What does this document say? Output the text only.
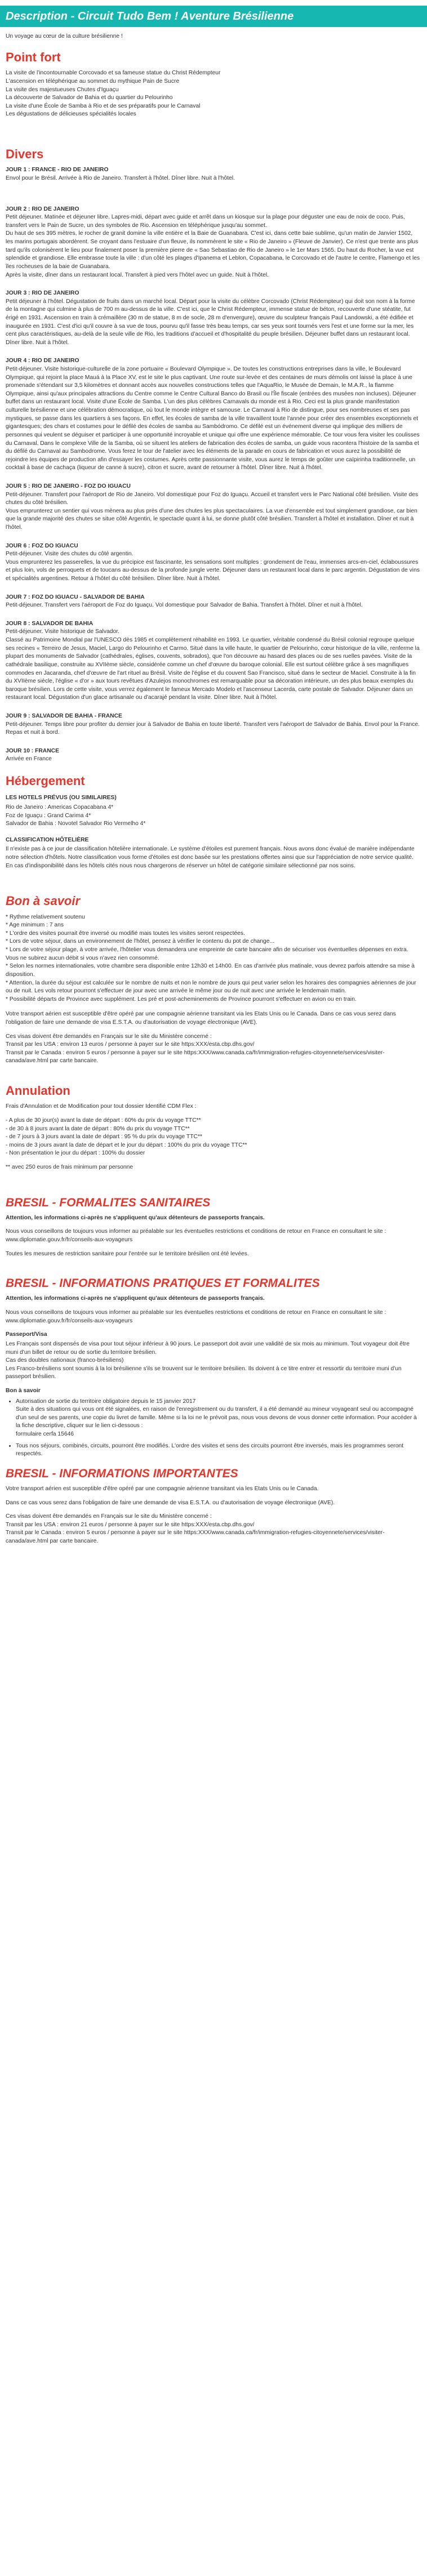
Description - Circuit Tudo Bem ! Aventure Brésilienne

Un voyage au cœur de la culture brésilienne !

Point fort
La visite de l'incontournable Corcovado et sa fameuse statue du Christ Rédempteur
L'ascension en téléphérique au sommet du mythique Pain de Sucre
La visite des majestueuses Chutes d'Iguaçu
La découverte de Salvador de Bahia et du quartier du Pelourinho
La visite d'une École de Samba à Rio et de ses préparatifs pour le Carnaval
Les dégustations de délicieuses spécialités locales
Divers
JOUR 1 : FRANCE - RIO DE JANEIRO
Envol pour le Brésil. Arrivée à Rio de Janeiro. Transfert à l'hôtel. Dîner libre. Nuit à l'hôtel.
JOUR 2 : RIO DE JANEIRO
Petit déjeuner. Matinée et déjeuner libre. Lapres-midi, départ avec guide et arrêt dans un kiosque sur la plage pour déguster une eau de noix de coco. Puis, transfert vers le Pain de Sucre, un des symboles de Rio. Ascension en téléphérique jusqu'au sommet.
Du haut de ses 395 mètres, le rocher de granit domine la ville entière et la Baie de Guanabara. C'est ici, dans cette baie sublime, qu'un matin de Janvier 1502, les marins portugais abordèrent. Se croyant dans l'estuaire d'un fleuve, ils nommèrent le site « Rio de Janeiro » (Fleuve de Janvier). Ce n'est que trente ans plus tard qu'ils colonisèrent le lieu pour finalement poser la première pierre de « Sao Sebastiao de Rio de Janeiro » le 1er Mars 1565. Du haut du Rocher, la vue est splendide et grandiose. Elle embrasse toute la ville : d'un côté les plages d'Ipanema et Leblon, Copacabana, le Corcovado et de l'autre le centre, Flamengo et les îles rocheuses de la baie de Guanabara.
Après la visite, dîner dans un restaurant local. Transfert à pied vers l'hôtel avec un guide. Nuit à l'hôtel.
JOUR 3 : RIO DE JANEIRO
Petit déjeuner à l'hôtel. Dégustation de fruits dans un marché local. Départ pour la visite du célèbre Corcovado (Christ Rédempteur) qui doit son nom à la forme de la montagne qui culmine à plus de 700 m au-dessus de la ville. C'est ici, que le Christ Rédempteur, immense statue de béton, recouverte d'une stéatite, fut érigé en 1931. Ascension en train à crémaillère (30 m de statue, 8 m de socle, 28 m d'envergure), œuvre du sculpteur français Paul Landowski, a été édifiée et inaugurée en 1931. C'est d'ici qu'il couvre à sa vue de tous, pourvu qu'il fasse très beau temps, car ses yeux sont tournés vers l'est et une forme sur la mer, les cent plus caractéristiques, au-delà de la seule ville de Rio, les traditions d'accueil et d'hospitalité du peuple brésilien. Déjeuner buffet dans un restaurant local. Dîner libre. Nuit à l'hôtel.
JOUR 4 : RIO DE JANEIRO
Petit-déjeuner. Visite historique-culturelle de la zone portuaire « Boulevard Olympique ». De toutes les constructions entreprises dans la ville, le Boulevard Olympique, qui rejoint la place Mauá à la Place XV, est le site le plus captivant. Une route sur-levée et des centaines de murs démolis ont laissé la place à une promenade s'étendant sur 3,5 kilomètres et donnant accès aux nouvelles constructions telles que l'AquaRio, le Musée de Demain, le M.A.R., la flamme Olympique, ainsi qu'aux principales attractions du Centre comme le Centre Cultural Banco do Brasil ou l'Île fiscale (entrées des musées non incluses). Déjeuner buffet dans un restaurant local. Visite d'une École de Samba. L'un des plus célèbres Carnavals du monde est à Rio. Ceci est la plus grande manifestation culturelle brésilienne et une célébration démocratique, où tout le monde intègre et samouse. Le Carnaval à Rio de distingue, pour ses nombreuses et ses pas mystiques, se passe dans les quartiers à ses façons. En effet, les écoles de samba de la ville travaillent toute l'année pour créer des ensembles exceptionnels et gigantesques; des chars et costumes pour le défilé des écoles de samba au Sambódromo. Ce défilé est un événement diverse qui implique des milliers de personnes qui veulent se déguiser et participer à une opportunité incroyable et unique qui offre une expérience mémorable. Ce tour vous fera visiter les coulisses du Carnaval. Dans le complexe Ville de la Samba, où se situent les ateliers de fabrication des écoles de samba, un guide vous racontera l'histoire de la samba et du défilé du Carnaval au Sambodrome. Vous ferez le tour de l'atelier avec les éléments de la parade en cours de fabrication et vous aurez la possibilité de rejoindre les équipes de production afin d'essayer les costumes. Après cette passionnante visite, vous aurez le temps de goûter une caïpirinha traditionnelle, un cocktail à base de cachaça (liqueur de canne à sucre), citron et sucre, avant de retourner à l'hôtel. Dîner libre. Nuit à l'hôtel.
JOUR 5 : RIO DE JANEIRO - FOZ DO IGUACU
Petit-déjeuner. Transfert pour l'aéroport de Rio de Janeiro. Vol domestique pour Foz do Iguaçu. Accueil et transfert vers le Parc National côté brésilien. Visite des chutes du côté brésilien.
Vous emprunterez un sentier qui vous mènera au plus près d'une des chutes les plus spectaculaires. La vue d'ensemble est tout simplement grandiose, car bien que la grande majorité des chutes se situe côté Argentin, le spectacle quant à lui, se donne plutôt côté brésilien. Transfert à l'hôtel et installation. Dîner et nuit à l'hôtel.
JOUR 6 : FOZ DO IGUACU
Petit-déjeuner. Visite des chutes du côté argentin.
Vous emprunterez les passerelles, la vue du précipice est fascinante, les sensations sont multiples : grondement de l'eau, immenses arcs-en-ciel, éclaboussures et plus loin, vols de perroquets et de toucans au-dessus de la profonde jungle verte. Déjeuner dans un restaurant local dans le parc argentin. Dégustation de vins et spécialités argentines. Retour à l'hôtel du côté brésilien. Dîner libre. Nuit à l'hôtel.
JOUR 7 : FOZ DO IGUACU - SALVADOR DE BAHIA
Petit-déjeuner. Transfert vers l'aéroport de Foz do Iguaçu. Vol domestique pour Salvador de Bahia. Transfert à l'hôtel. Dîner et nuit à l'hôtel.
JOUR 8 : SALVADOR DE BAHIA
Petit-déjeuner. Visite historique de Salvador.
Classé au Patrimoine Mondial par l'UNESCO dès 1985 et complètement réhabilité en 1993. Le quartier, véritable condensé du Brésil colonial regroupe quelque ses recines « Terreiro de Jesus, Maciel, Largo do Pelourinho et Carmo. Situé dans la ville haute, le quartier de Pelourinho, cœur historique de la ville, renferme la plupart des monuments de Salvador (cathédrales, églises, couvents, sobrados), que l'on découvre au hasard des places ou de ses ruelles pavées. Visite de la cathédrale basilique, construite au XVIIème siècle, considérée comme un chef d'œuvre du baroque colonial. Elle est surtout célèbre grâce à ses magnifiques commodes en Jacaranda, chef d'œuvre de l'art rituel au Brésil. Visite de l'église et du couvent Sao Francisco, situé dans le secteur de Maciel. Construite à la fin du XVIIème siècle, l'église « d'or » aux tours revêtues d'Azulejos monochromes est remarquable pour sa décoration intérieure, un des plus beaux exemples du baroque brésilien. Lors de cette visite, vous verrez également le fameux Mercado Modelo et l'ascenseur Lacerda, carte postale de Salvador. Déjeuner dans un restaurant local. Dégustation d'un glace artisanale ou d'acarajé pendant la visite. Dîner libre. Nuit à l'hôtel.
JOUR 9 : SALVADOR DE BAHIA - FRANCE
Petit-déjeuner. Temps libre pour profiter du dernier jour à Salvador de Bahia en toute liberté. Transfert vers l'aéroport de Salvador de Bahia. Envol pour la France. Repas et nuit à bord.
JOUR 10 : FRANCE
Arrivée en France
Hébergement
LES HOTELS PRÉVUS (OU SIMILAIRES)
Rio de Janeiro : Americas Copacabana 4*
Foz de Iguaçu : Grand Carima 4*
Salvador de Bahia : Novotel Salvador Rio Vermelho 4*
CLASSIFICATION HÔTELIÈRE

Il n'existe pas à ce jour de classification hôtelière internationale. Le système d'étoiles est purement français. Nous avons donc évalué de manière indépendante notre sélection d'hôtels. Notre classification vous forme d'étoiles est donc basée sur les prestations offertes ainsi que sur l'appréciation de notre service qualité. En cas d'indisponibilité dans les hôtels cités nous nous chargerons de réserver un hôtel de catégorie similaire sélectionné par nos soins.

Bon à savoir
* Rythme relativement soutenu
* Age minimum : 7 ans
* L'ordre des visites pourrait être inversé ou modifié mais toutes les visites seront respectées.
* Lors de votre séjour, dans un environnement de l'hôtel, pensez à vérifier le contenu du pot de change...
* Lors de votre séjour plage, à votre arrivée, l'hôtelier vous demandera une empreinte de carte bancaire afin de sécuriser vos éventuelles dépenses en extra. Vous ne subirez aucun débit si vous n'avez rien consommé.
* Selon les normes internationales, votre chambre sera disponible entre 12h30 et 14h00. En cas d'arrivée plus matinale, vous devrez parfois attendre sa mise à disposition.
* Attention, la durée du séjour est calculée sur le nombre de nuits et non le nombre de jours qui peut varier selon les horaires des compagnies aériennes de jour ou de nuit. Les vols retour pourront s'effectuer de jour avec une arrivée le même jour ou de nuit avec une arrivée le lendemain matin.
* Possibilité départs de Province avec supplément. Les pré et post-acheminements de Province pourront s'effectuer en avion ou en train.

Votre transport aérien est susceptible d'être opéré par une compagnie aérienne transitant via les Etats Unis ou le Canada. Dans ce cas vous serez dans l'obligation de faire une demande de visa E.S.T.A. ou d'autorisation de voyage électronique (AVE).

Ces visas doivent être demandés en Français sur le site du Ministère concerné :
Transit par les USA : environ 13 euros / personne à payer sur le site https:XXX/esta.cbp.dhs.gov/
Transit par le Canada : environ 5 euros / personne à payer sur le site https:XXX/www.canada.ca/fr/immigration-refugies-citoyennete/services/visiter-canada/ave.html par carte bancaire.
Annulation

Frais d'Annulation et de Modification pour tout dossier Identifié CDM Flex :

- A plus de 30 jour(s) avant la date de départ : 60% du prix du voyage TTC**
- de 30 à 8 jours avant la date de départ : 80% du prix du voyage TTC**
- de 7 jours à 3 jours avant la date de départ : 95 % du prix du voyage TTC**
- moins de 3 jours avant la date de départ et le jour du départ : 100% du prix du voyage TTC**
- Non présentation le jour du départ : 100% du dossier

** avec 250 euros de frais minimum par personne

BRESIL - FORMALITES SANITAIRES

Attention, les informations ci-après ne s'appliquent qu'aux détenteurs de passeports français.

Nous vous conseillons de toujours vous informer au préalable sur les éventuelles restrictions et conditions de retour en France en consultant le site : www.diplomatie.gouv.fr/fr/conseils-aux-voyageurs

Toutes les mesures de restriction sanitaire pour l'entrée sur le territoire brésilien ont été levées.

BRESIL - INFORMATIONS PRATIQUES ET FORMALITES

Attention, les informations ci-après ne s'appliquent qu'aux détenteurs de passeports français.

Nous vous conseillons de toujours vous informer au préalable sur les éventuelles restrictions et conditions de retour en France en consultant le site : www.diplomatie.gouv.fr/fr/conseils-aux-voyageurs

Passeport/Visa

Les Français sont dispensés de visa pour tout séjour inférieur à 90 jours. Le passeport doit avoir une validité de six mois au minimum. Tout voyageur doit être muni d'un billet de retour ou de sortie du territoire brésilien.
Cas des doubles nationaux (franco-brésiliens)
Les Franco-brésiliens sont soumis à la loi brésilienne s'ils se trouvent sur le territoire brésilien. Ils doivent à ce titre entrer et ressortir du territoire muni d'un passeport brésilien.

Bon à savoir
• Autorisation de sortie du territoire obligatoire depuis le 15 janvier 2017
Suite à des situations qui vous ont été signalées, en raison de l'enregistrement ou du transfert, il a été demandé au mineur voyageant seul ou accompagné d'un seul de ses parents, une copie du livret de famille. Même si la loi ne le prévoit pas, nous vous devons de vous donner cette information. Pour accéder à la fiche descriptive, cliquer sur le lien ci-dessous :
formulaire cerfa 15646
• Tous nos séjours, combinés, circuits, pourront être modifiés. L'ordre des visites et sens des circuits pourront être inversés, mais les programmes seront respectés.
BRESIL - INFORMATIONS IMPORTANTES

Votre transport aérien est susceptible d'être opéré par une compagnie aérienne transitant via les Etats Unis ou le Canada.

Dans ce cas vous serez dans l'obligation de faire une demande de visa E.S.T.A. ou d'autorisation de voyage électronique (AVE).

Ces visas doivent être demandés en Français sur le site du Ministère concerné :
Transit par les USA : environ 21 euros / personne à payer sur le site https:XXX/esta.cbp.dhs.gov/
Transit par le Canada : environ 5 euros / personne à payer sur le site https:XXX/www.canada.ca/fr/immigration-refugies-citoyennete/services/visiter-canada/ave.html par carte bancaire.
